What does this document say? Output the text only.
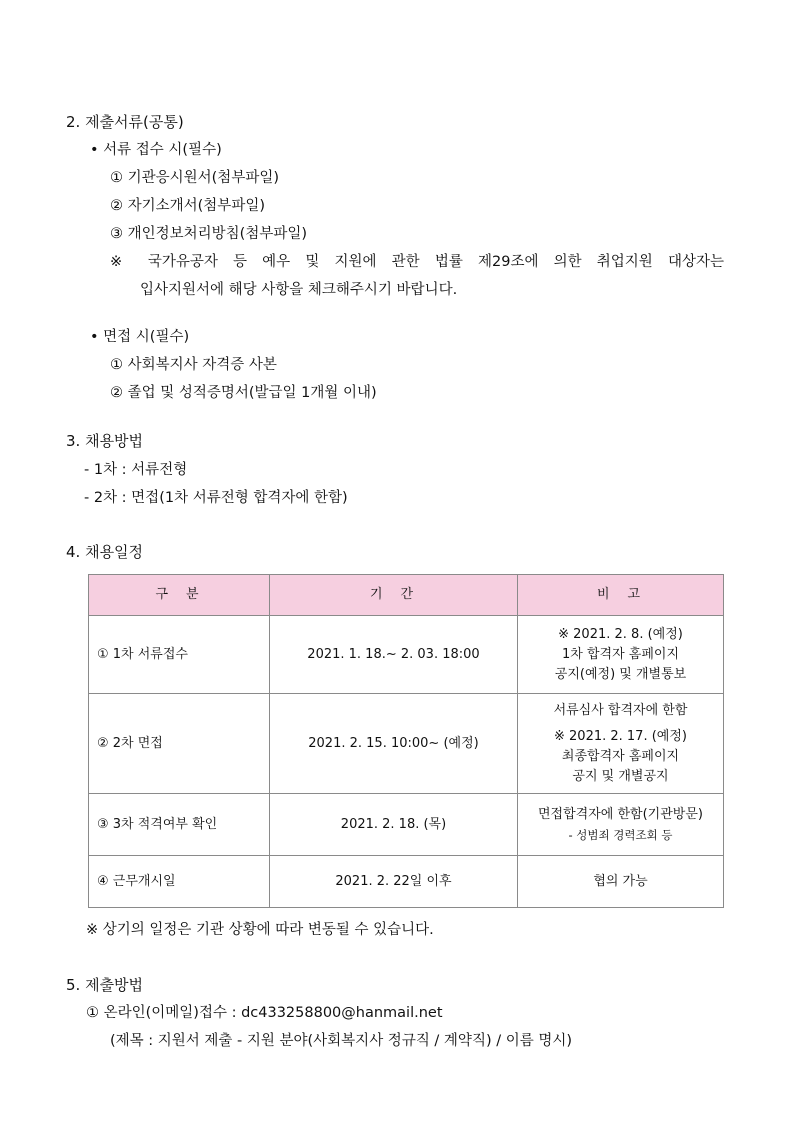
2. 제출서류(공통)
• 서류 접수 시(필수)
① 기관응시원서(첨부파일)
② 자기소개서(첨부파일)
③ 개인정보처리방침(첨부파일)
※ 국가유공자 등 예우 및 지원에 관한 법률 제29조에 의한 취업지원 대상자는
입사지원서에 해당 사항을 체크해주시기 바랍니다.
• 면접 시(필수)
① 사회복지사 자격증 사본
② 졸업 및 성적증명서(발급일 1개월 이내)
3. 채용방법
- 1차 : 서류전형
- 2차 : 면접(1차 서류전형 합격자에 한함)
4. 채용일정
구분	기간	비고
① 1차 서류접수	2021. 1. 18.~ 2. 03. 18:00	※ 2021. 2. 8. (예정)
1차 합격자 홈페이지
공지(예정) 및 개별통보

② 2차 면접	2021. 2. 15. 10:00~ (예정)	서류심사 합격자에 한함
※ 2021. 2. 17. (예정)
최종합격자 홈페이지
공지 및 개별공지

③ 3차 적격여부 확인	2021. 2. 18. (목)	면접합격자에 한함(기관방문)
- 성범죄 경력조회 등

④ 근무개시일	2021. 2. 22일 이후	협의 가능
※ 상기의 일정은 기관 상황에 따라 변동될 수 있습니다.
5. 제출방법
① 온라인(이메일)접수 : dc433258800@hanmail.net
(제목 : 지원서 제출 - 지원 분야(사회복지사 정규직 / 계약직) / 이름 명시)
